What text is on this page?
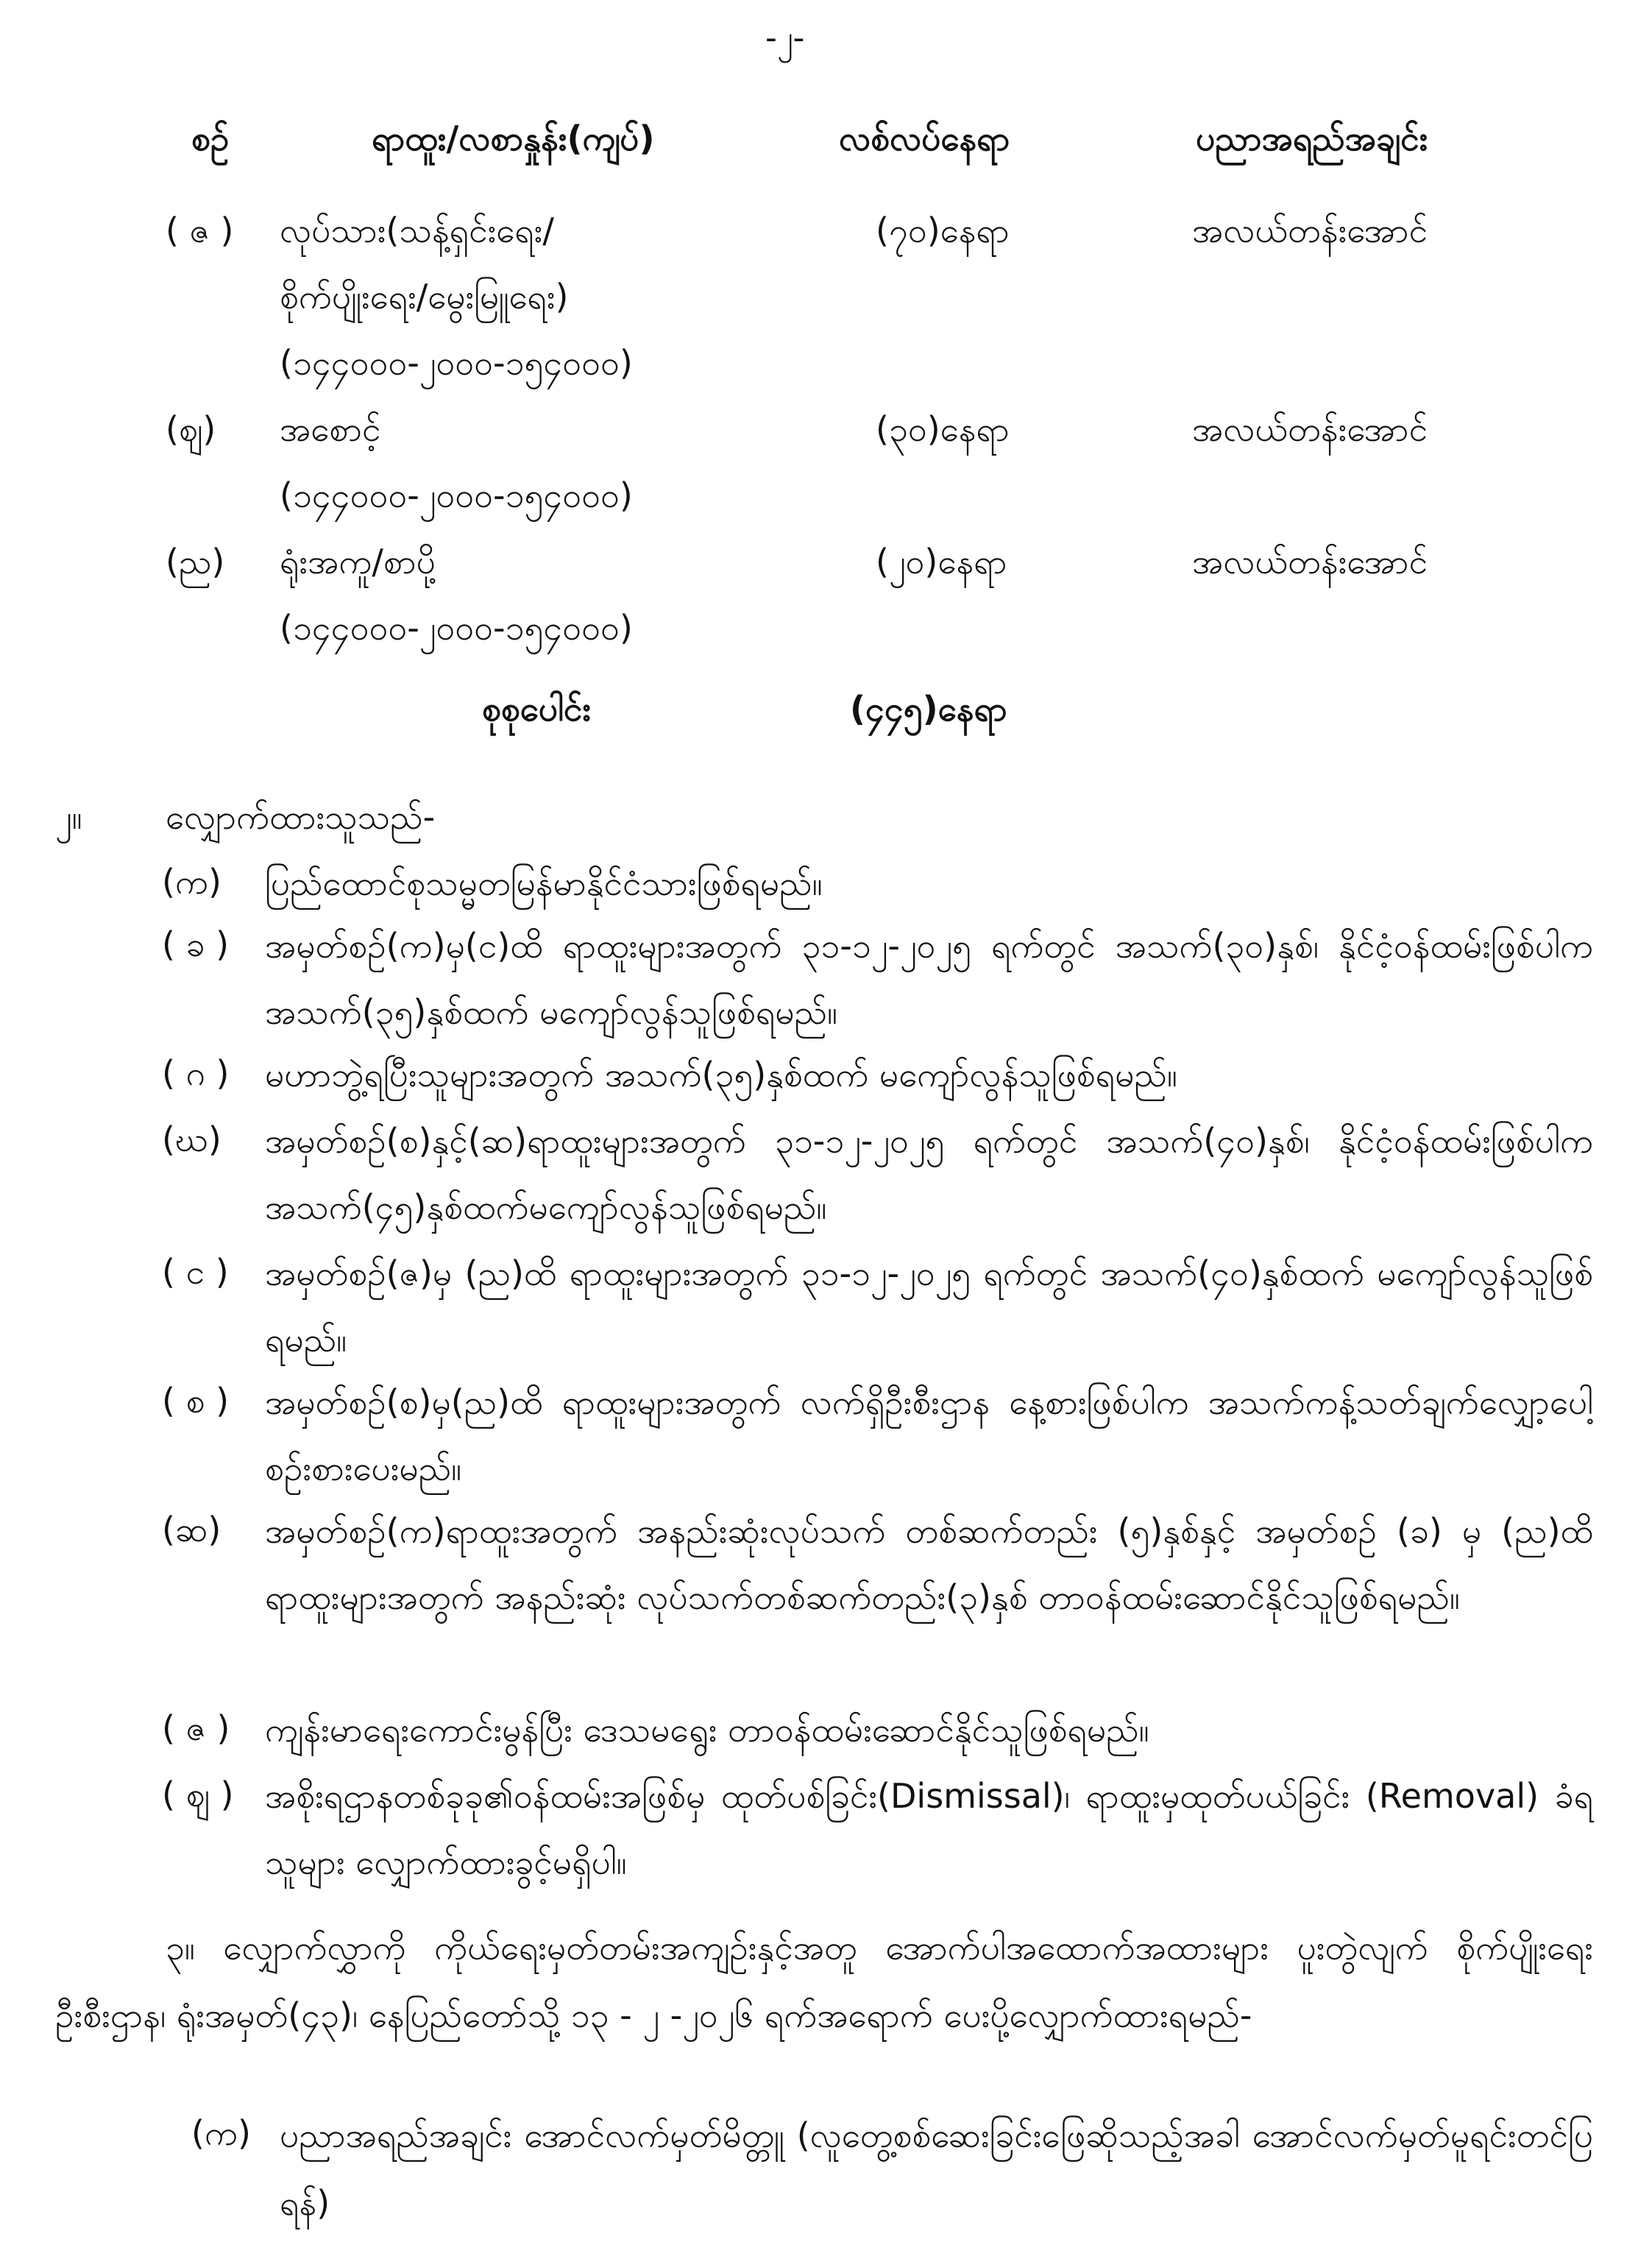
-၂-
စဉ်	ရာထူး/လစာနှုန်း(ကျပ်)	လစ်လပ်နေရာ	ပညာအရည်အချင်း
( ဇ ) လုပ်သား(သန့်ရှင်းရေး/
စိုက်ပျိုးရေး/မွေးမြူရေး)
(၁၄၄၀၀၀-၂၀၀၀-၁၅၄၀၀၀)
(၇၀)နေရာ	အလယ်တန်းအောင်
(ဈ) အစောင့်
(၁၄၄၀၀၀-၂၀၀၀-၁၅၄၀၀၀)
(၃၀)နေရာ	အလယ်တန်းအောင်
(ည) ရုံးအကူ/စာပို့
(၁၄၄၀၀၀-၂၀၀၀-၁၅၄၀၀၀)
(၂၀)နေရာ	အလယ်တန်းအောင်
စုစုပေါင်း	(၄၄၅)နေရာ
၂။ လျှောက်ထားသူသည်-
(က) ပြည်ထောင်စုသမ္မတမြန်မာနိုင်ငံသားဖြစ်ရမည်။
( ခ ) အမှတ်စဉ်(က)မှ(င)ထိ ရာထူးများအတွက် ၃၁-၁၂-၂၀၂၅ ရက်တွင် အသက်(၃၀)နှစ်၊ နိုင်ငံ့ဝန်ထမ်းဖြစ်ပါက အသက်(၃၅)နှစ်ထက် မကျော်လွန်သူဖြစ်ရမည်။
( ဂ ) မဟာဘွဲ့ရပြီးသူများအတွက် အသက်(၃၅)နှစ်ထက် မကျော်လွန်သူဖြစ်ရမည်။
(ဃ) အမှတ်စဉ်(စ)နှင့်(ဆ)ရာထူးများအတွက် ၃၁-၁၂-၂၀၂၅ ရက်တွင် အသက်(၄၀)နှစ်၊ နိုင်ငံ့ဝန်ထမ်းဖြစ်ပါက အသက်(၄၅)နှစ်ထက်မကျော်လွန်သူဖြစ်ရမည်။
( င ) အမှတ်စဉ်(ဇ)မှ (ည)ထိ ရာထူးများအတွက် ၃၁-၁၂-၂၀၂၅ ရက်တွင် အသက်(၄၀)နှစ်ထက် မကျော်လွန်သူဖြစ်ရမည်။
( စ ) အမှတ်စဉ်(စ)မှ(ည)ထိ ရာထူးများအတွက် လက်ရှိဦးစီးဌာန နေ့စားဖြစ်ပါက အသက်ကန့်သတ်ချက်လျှော့ပေါ့စဉ်းစားပေးမည်။
(ဆ) အမှတ်စဉ်(က)ရာထူးအတွက် အနည်းဆုံးလုပ်သက် တစ်ဆက်တည်း (၅)နှစ်နှင့် အမှတ်စဉ် (ခ) မှ (ည)ထိ ရာထူးများအတွက် အနည်းဆုံး လုပ်သက်တစ်ဆက်တည်း(၃)နှစ် တာဝန်ထမ်းဆောင်နိုင်သူဖြစ်ရမည်။
( ဇ ) ကျန်းမာရေးကောင်းမွန်ပြီး ဒေသမရွေး တာဝန်ထမ်းဆောင်နိုင်သူဖြစ်ရမည်။
( ဈ ) အစိုးရဌာနတစ်ခုခု၏ဝန်ထမ်းအဖြစ်မှ ထုတ်ပစ်ခြင်း(Dismissal)၊ ရာထူးမှထုတ်ပယ်ခြင်း (Removal) ခံရသူများ လျှောက်ထားခွင့်မရှိပါ။
၃။ လျှောက်လွှာကို ကိုယ်ရေးမှတ်တမ်းအကျဉ်းနှင့်အတူ အောက်ပါအထောက်အထားများ ပူးတွဲလျက် စိုက်ပျိုးရေးဦးစီးဌာန၊ ရုံးအမှတ်(၄၃)၊ နေပြည်တော်သို့ ၁၃ - ၂ -၂၀၂၆ ရက်အရောက် ပေးပို့လျှောက်ထားရမည်-
(က) ပညာအရည်အချင်း အောင်လက်မှတ်မိတ္တူ (လူတွေ့စစ်ဆေးခြင်းဖြေဆိုသည့်အခါ အောင်လက်မှတ်မူရင်းတင်ပြရန်)
